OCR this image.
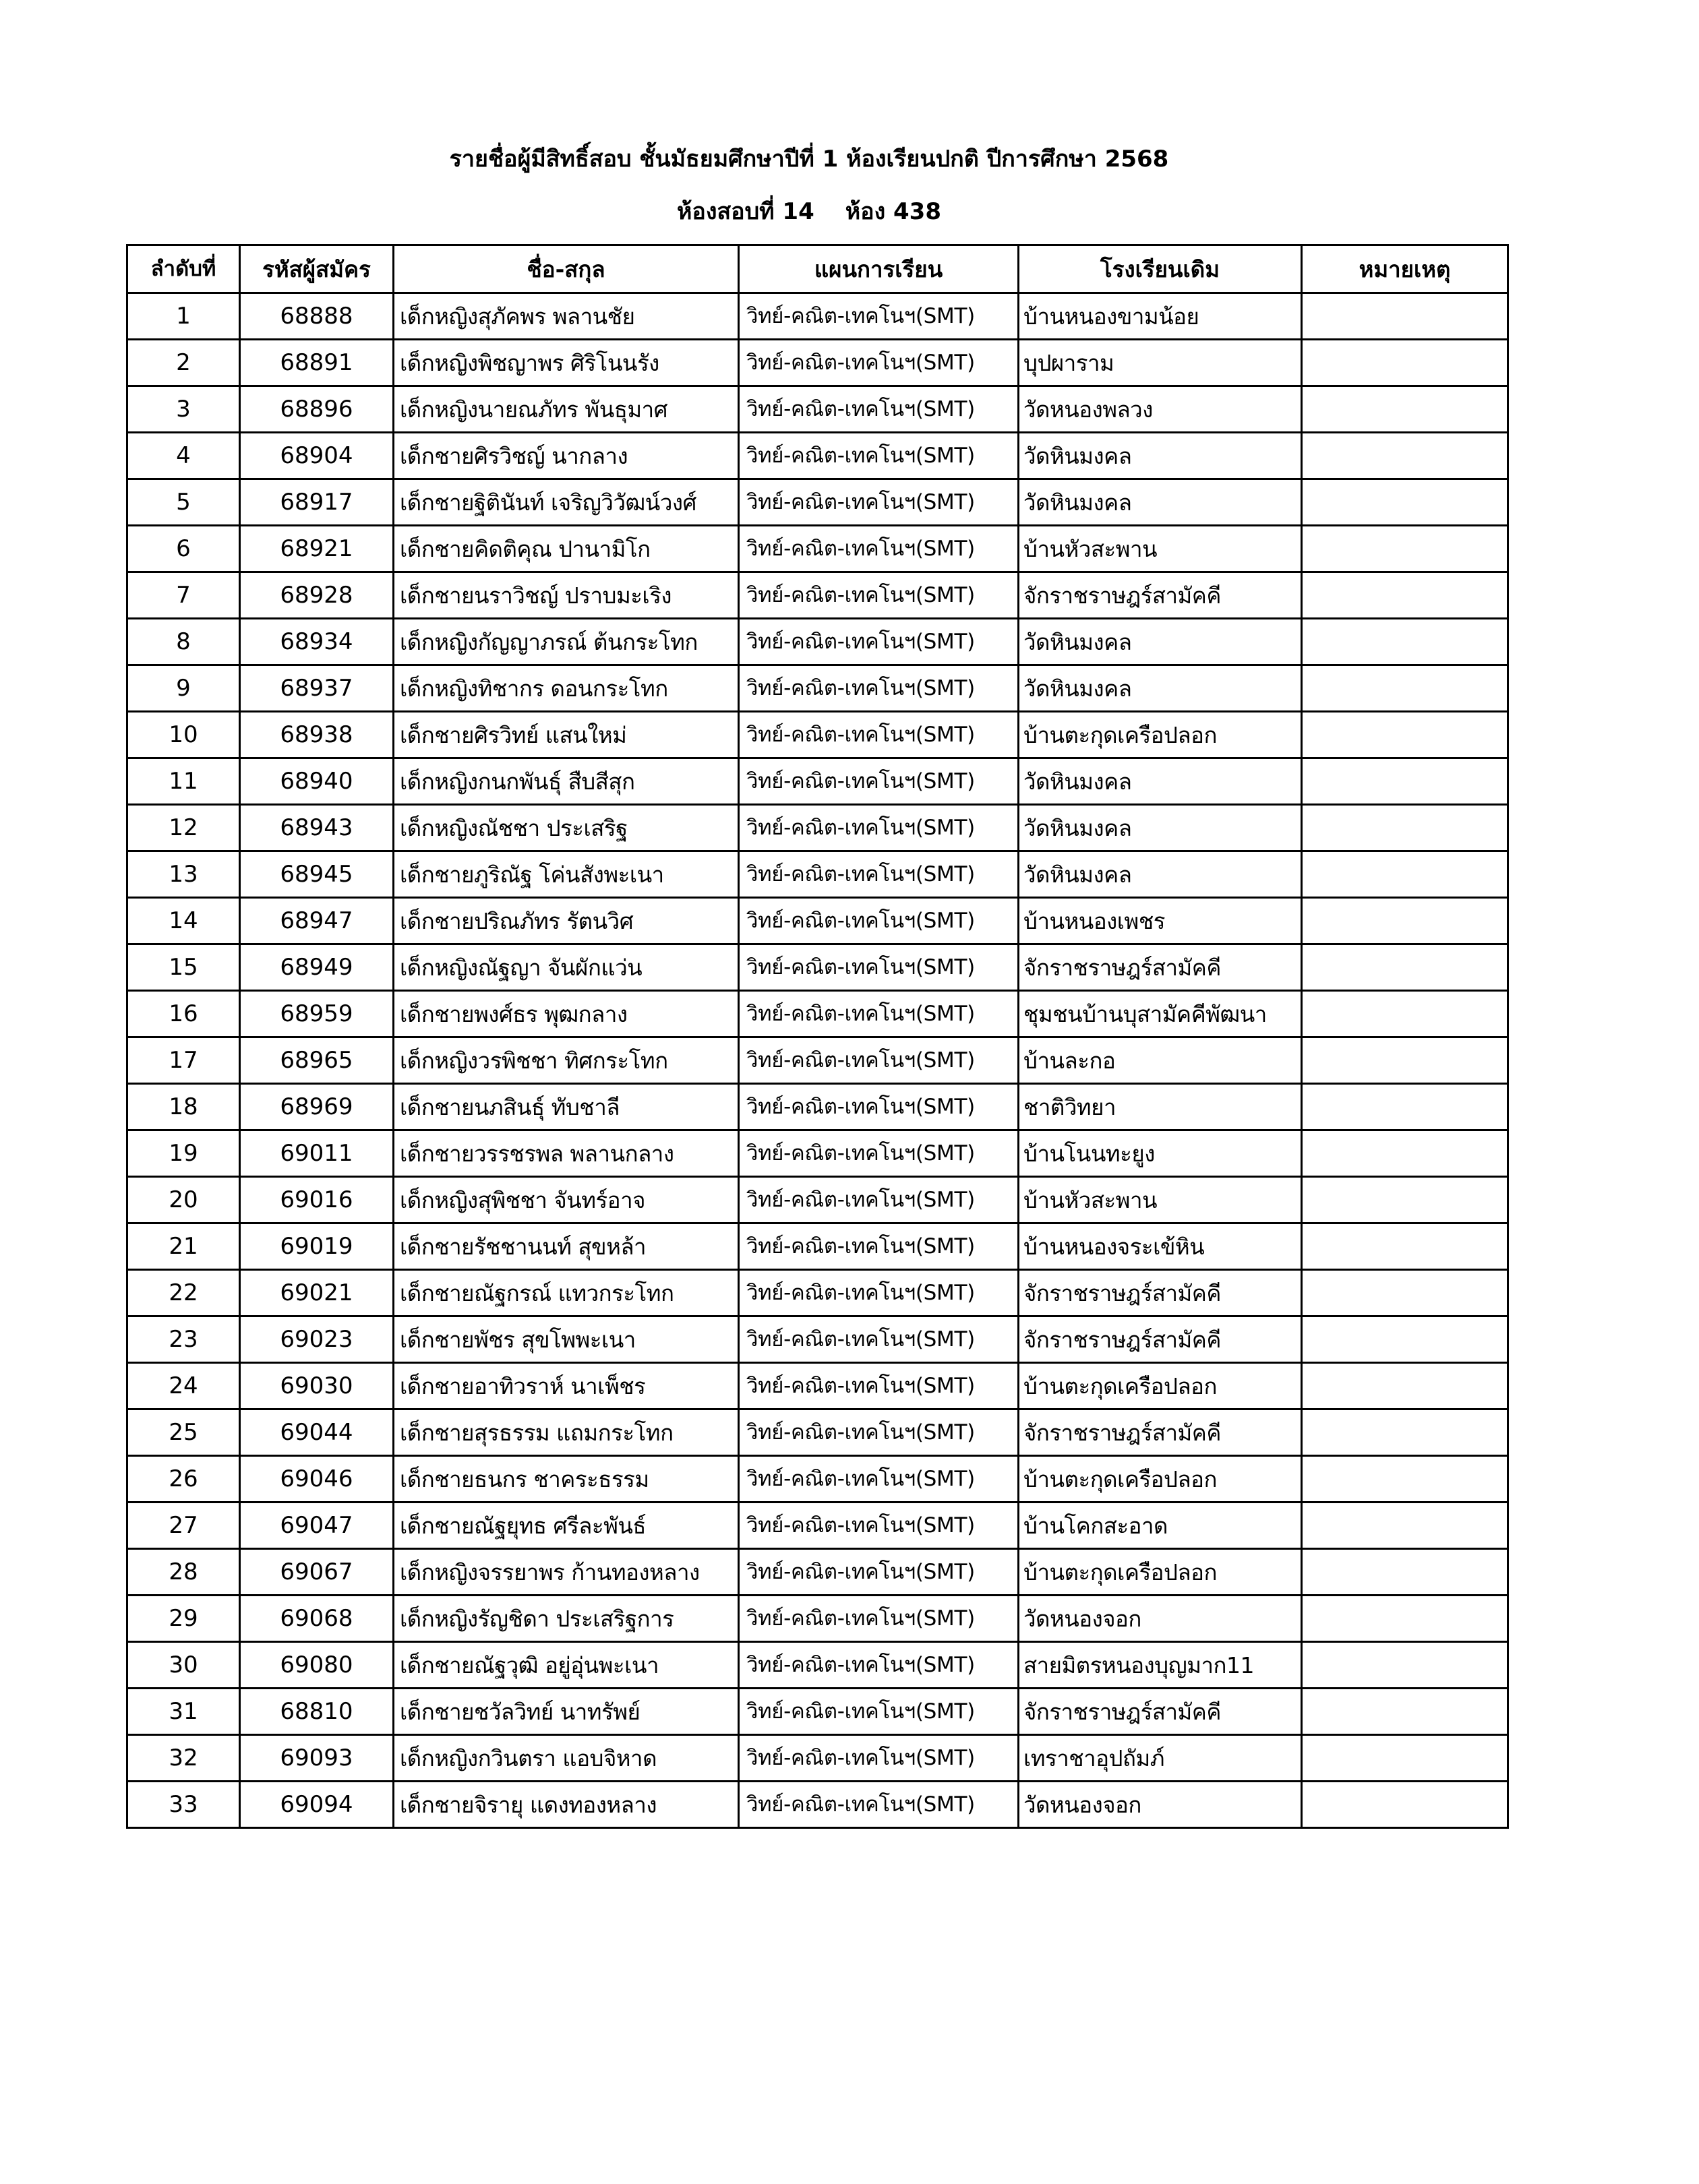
รายชื่อผู้มีสิทธิ์สอบ ชั้นมัธยมศึกษาปีที่ 1 ห้องเรียนปกติ ปีการศึกษา 2568
ห้องสอบที่ 14 ห้อง 438
ลำดับที่	รหัสผู้สมัคร	ชื่อ-สกุล	แผนการเรียน	โรงเรียนเดิม	หมายเหตุ
1	68888	เด็กหญิงสุภัคพร พลานชัย	วิทย์-คณิต-เทคโนฯ(SMT)	บ้านหนองขามน้อย	
2	68891	เด็กหญิงพิชญาพร ศิริโนนรัง	วิทย์-คณิต-เทคโนฯ(SMT)	บุปผาราม	
3	68896	เด็กหญิงนายณภัทร พันธุมาศ	วิทย์-คณิต-เทคโนฯ(SMT)	วัดหนองพลวง	
4	68904	เด็กชายศิรวิชญ์ นากลาง	วิทย์-คณิต-เทคโนฯ(SMT)	วัดหินมงคล	
5	68917	เด็กชายฐิตินันท์ เจริญวิวัฒน์วงศ์	วิทย์-คณิต-เทคโนฯ(SMT)	วัดหินมงคล	
6	68921	เด็กชายคิดติคุณ ปานามิโก	วิทย์-คณิต-เทคโนฯ(SMT)	บ้านหัวสะพาน	
7	68928	เด็กชายนราวิชญ์ ปราบมะเริง	วิทย์-คณิต-เทคโนฯ(SMT)	จักราชราษฎร์สามัคคี	
8	68934	เด็กหญิงกัญญาภรณ์ ต้นกระโทก	วิทย์-คณิต-เทคโนฯ(SMT)	วัดหินมงคล	
9	68937	เด็กหญิงทิชากร ดอนกระโทก	วิทย์-คณิต-เทคโนฯ(SMT)	วัดหินมงคล	
10	68938	เด็กชายศิรวิทย์ แสนใหม่	วิทย์-คณิต-เทคโนฯ(SMT)	บ้านตะกุดเครือปลอก	
11	68940	เด็กหญิงกนกพันธุ์ สืบสีสุก	วิทย์-คณิต-เทคโนฯ(SMT)	วัดหินมงคล	
12	68943	เด็กหญิงณัชชา ประเสริฐ	วิทย์-คณิต-เทคโนฯ(SMT)	วัดหินมงคล	
13	68945	เด็กชายภูริณัฐ โค่นสังพะเนา	วิทย์-คณิต-เทคโนฯ(SMT)	วัดหินมงคล	
14	68947	เด็กชายปริณภัทร รัตนวิศ	วิทย์-คณิต-เทคโนฯ(SMT)	บ้านหนองเพชร	
15	68949	เด็กหญิงณัฐญา จันผักแว่น	วิทย์-คณิต-เทคโนฯ(SMT)	จักราชราษฎร์สามัคคี	
16	68959	เด็กชายพงศ์ธร พุฒกลาง	วิทย์-คณิต-เทคโนฯ(SMT)	ชุมชนบ้านบุสามัคคีพัฒนา	
17	68965	เด็กหญิงวรพิชชา ทิศกระโทก	วิทย์-คณิต-เทคโนฯ(SMT)	บ้านละกอ	
18	68969	เด็กชายนภสินธุ์ ทับชาลี	วิทย์-คณิต-เทคโนฯ(SMT)	ชาติวิทยา	
19	69011	เด็กชายวรรชรพล พลานกลาง	วิทย์-คณิต-เทคโนฯ(SMT)	บ้านโนนทะยูง	
20	69016	เด็กหญิงสุพิชชา จันทร์อาจ	วิทย์-คณิต-เทคโนฯ(SMT)	บ้านหัวสะพาน	
21	69019	เด็กชายรัชชานนท์ สุขหล้า	วิทย์-คณิต-เทคโนฯ(SMT)	บ้านหนองจระเข้หิน	
22	69021	เด็กชายณัฐกรณ์ แทวกระโทก	วิทย์-คณิต-เทคโนฯ(SMT)	จักราชราษฎร์สามัคคี	
23	69023	เด็กชายพัชร สุขโพพะเนา	วิทย์-คณิต-เทคโนฯ(SMT)	จักราชราษฎร์สามัคคี	
24	69030	เด็กชายอาทิวราห์ นาเพ็ชร	วิทย์-คณิต-เทคโนฯ(SMT)	บ้านตะกุดเครือปลอก	
25	69044	เด็กชายสุรธรรม แถมกระโทก	วิทย์-คณิต-เทคโนฯ(SMT)	จักราชราษฎร์สามัคคี	
26	69046	เด็กชายธนกร ชาคระธรรม	วิทย์-คณิต-เทคโนฯ(SMT)	บ้านตะกุดเครือปลอก	
27	69047	เด็กชายณัฐยุทธ ศรีละพันธ์	วิทย์-คณิต-เทคโนฯ(SMT)	บ้านโคกสะอาด	
28	69067	เด็กหญิงจรรยาพร ก้านทองหลาง	วิทย์-คณิต-เทคโนฯ(SMT)	บ้านตะกุดเครือปลอก	
29	69068	เด็กหญิงรัญชิดา ประเสริฐการ	วิทย์-คณิต-เทคโนฯ(SMT)	วัดหนองจอก	
30	69080	เด็กชายณัฐวุฒิ อยู่อุ่นพะเนา	วิทย์-คณิต-เทคโนฯ(SMT)	สายมิตรหนองบุญมาก11	
31	68810	เด็กชายชวัลวิทย์ นาทรัพย์	วิทย์-คณิต-เทคโนฯ(SMT)	จักราชราษฎร์สามัคคี	
32	69093	เด็กหญิงกวินตรา แอบจิหาด	วิทย์-คณิต-เทคโนฯ(SMT)	เทราชาอุปถัมภ์	
33	69094	เด็กชายจิรายุ แดงทองหลาง	วิทย์-คณิต-เทคโนฯ(SMT)	วัดหนองจอก	
